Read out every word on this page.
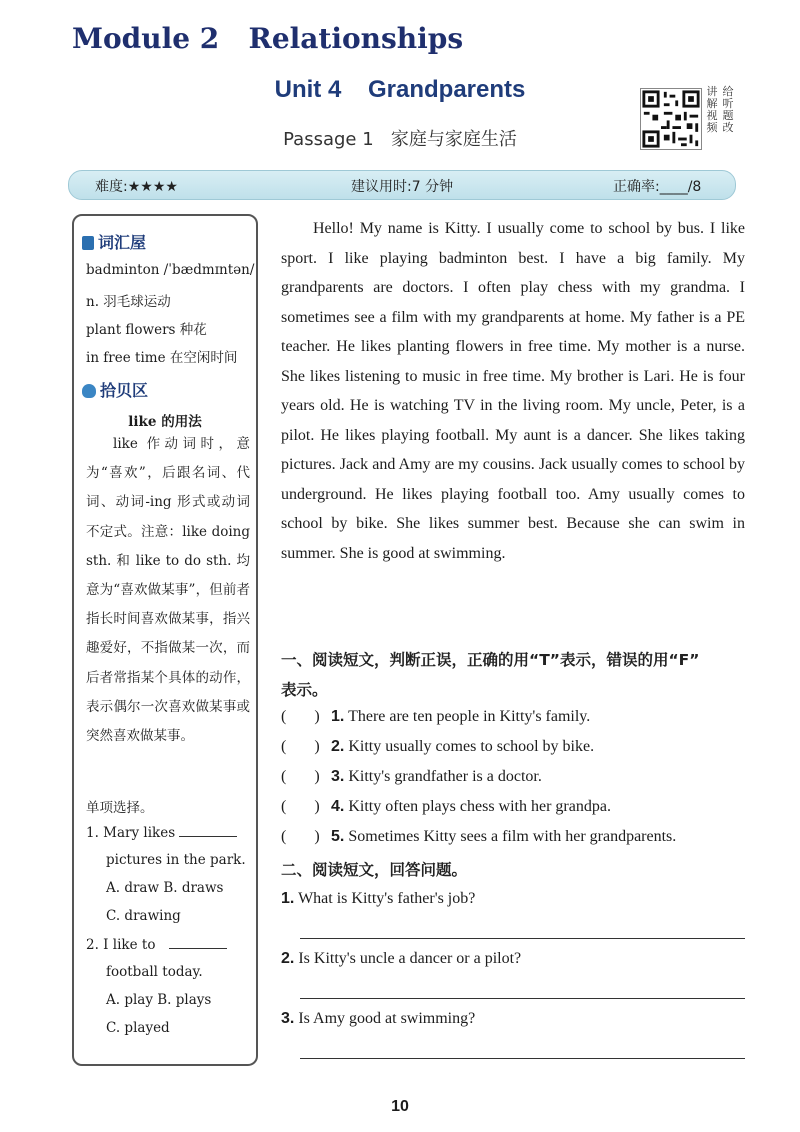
Module 2 Relationships
Unit 4 Grandparents
Passage 1 家庭与家庭生活
讲 给
解 听
视 题
频 改
难度:★★★★	建议用时:7 分钟	正确率:____/8
词汇屋
badminton /ˈbædmɪntən/
n. 羽毛球运动
plant flowers 种花
in free time 在空闲时间
拾贝区
like 的用法
like 作动词时，意为“喜欢”，后跟名词、代词、动词-ing 形式或动词不定式。注意：like doing sth. 和 like to do sth. 均意为“喜欢做某事”，但前者指长时间喜欢做某事，指兴趣爱好，不指做某一次，而后者常指某个具体的动作，表示偶尔一次喜欢做某事或突然喜欢做某事。
单项选择。
1. Mary likes
pictures in the park.
A. draw B. draws
C. drawing
2. I like to
football today.
A. play B. plays
C. played
Hello! My name is Kitty. I usually come to school by bus. I like sport. I like playing badminton best. I have a big family. My grandparents are doctors. I often play chess with my grandma. I sometimes see a film with my grandparents at home. My father is a PE teacher. He likes planting flowers in free time. My mother is a nurse. She likes listening to music in free time. My brother is Lari. He is four years old. He is watching TV in the living room. My uncle, Peter, is a pilot. He likes playing football. My aunt is a dancer. She likes taking pictures. Jack and Amy are my cousins. Jack usually comes to school by underground. He likes playing football too. Amy usually comes to school by bike. She likes summer best. Because she can swim in summer. She is good at swimming.
一、阅读短文，判断正误，正确的用“T”表示，错误的用“F”
表示。
(       ) 1. There are ten people in Kitty's family.
(       ) 2. Kitty usually comes to school by bike.
(       ) 3. Kitty's grandfather is a doctor.
(       ) 4. Kitty often plays chess with her grandpa.
(       ) 5. Sometimes Kitty sees a film with her grandparents.
二、阅读短文，回答问题。
1. What is Kitty's father's job?
2. Is Kitty's uncle a dancer or a pilot?
3. Is Amy good at swimming?
10
